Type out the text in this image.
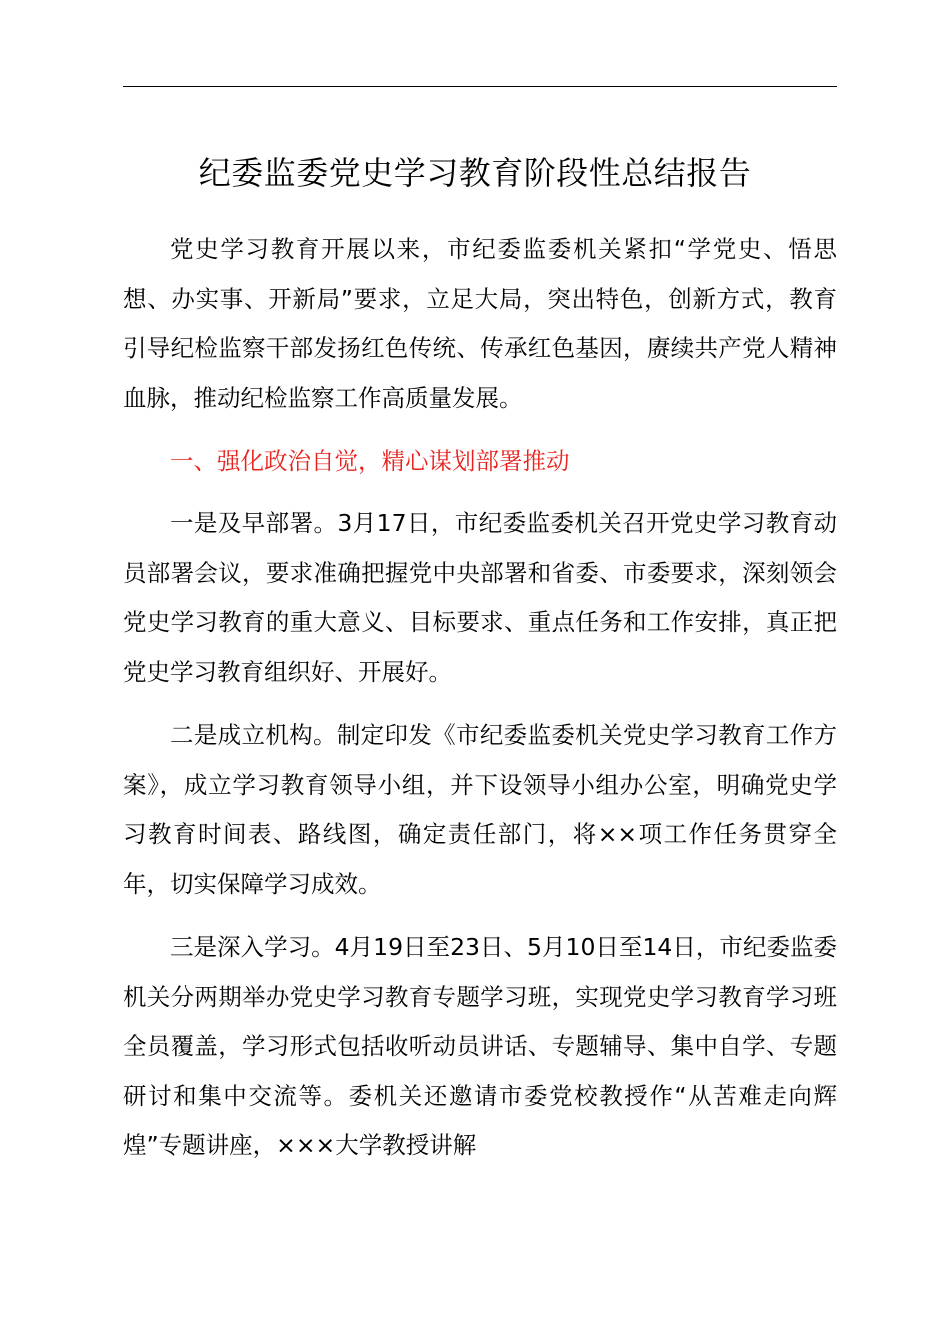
纪委监委党史学习教育阶段性总结报告

党史学习教育开展以来，市纪委监委机关紧扣“学党史、悟思想、办实事、开新局”要求，立足大局，突出特色，创新方式，教育引导纪检监察干部发扬红色传统、传承红色基因，赓续共产党人精神血脉，推动纪检监察工作高质量发展。

一、强化政治自觉，精心谋划部署推动

一是及早部署。3月17日，市纪委监委机关召开党史学习教育动员部署会议，要求准确把握党中央部署和省委、市委要求，深刻领会党史学习教育的重大意义、目标要求、重点任务和工作安排，真正把党史学习教育组织好、开展好。

二是成立机构。制定印发《市纪委监委机关党史学习教育工作方案》，成立学习教育领导小组，并下设领导小组办公室，明确党史学习教育时间表、路线图，确定责任部门，将××项工作任务贯穿全年，切实保障学习成效。

三是深入学习。4月19日至23日、5月10日至14日，市纪委监委机关分两期举办党史学习教育专题学习班，实现党史学习教育学习班全员覆盖，学习形式包括收听动员讲话、专题辅导、集中自学、专题研讨和集中交流等。委机关还邀请市委党校教授作“从苦难走向辉煌”专题讲座，×××大学教授讲解
